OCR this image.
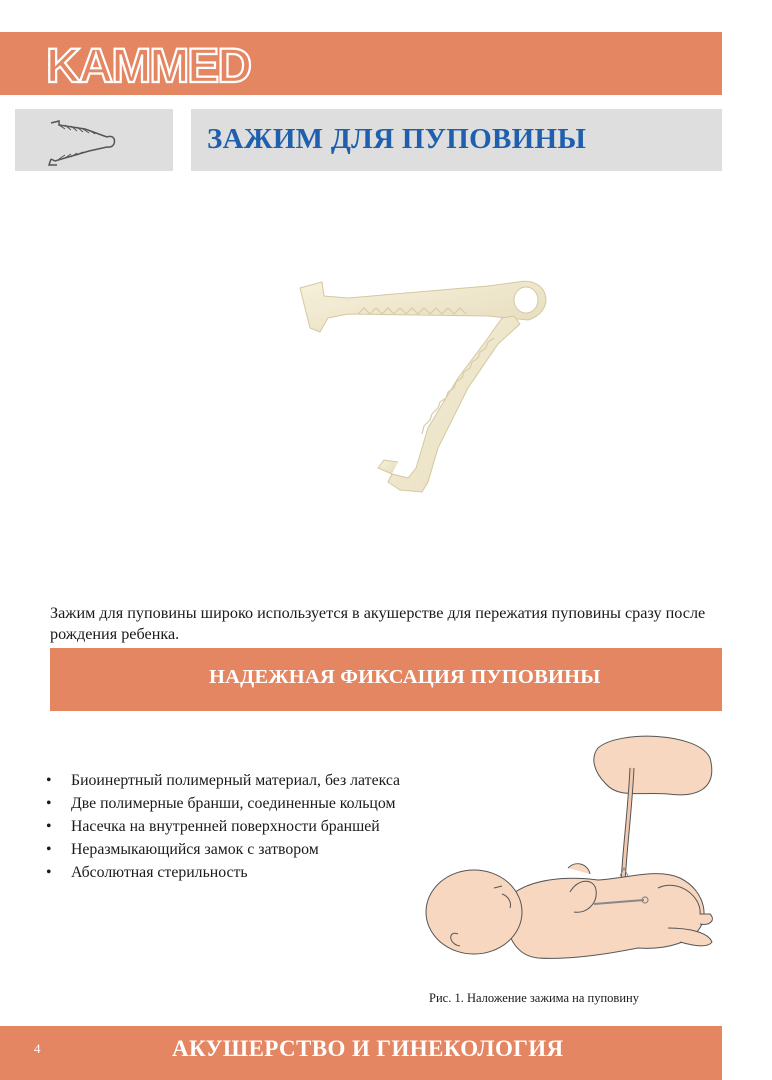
KAMMED
ЗАЖИМ ДЛЯ ПУПОВИНЫ
Зажим для пуповины широко используется в акушерстве для пережатия пуповины сразу после рождения ребенка.
НАДЕЖНАЯ ФИКСАЦИЯ ПУПОВИНЫ
• Биоинертный полимерный материал, без латекса
• Две полимерные бранши, соединенные кольцом
• Насечка на внутренней поверхности браншей
• Неразмыкающийся замок с затвором
• Абсолютная стерильность
Рис. 1. Наложение зажима на пуповину
4	АКУШЕРСТВО И ГИНЕКОЛОГИЯ
